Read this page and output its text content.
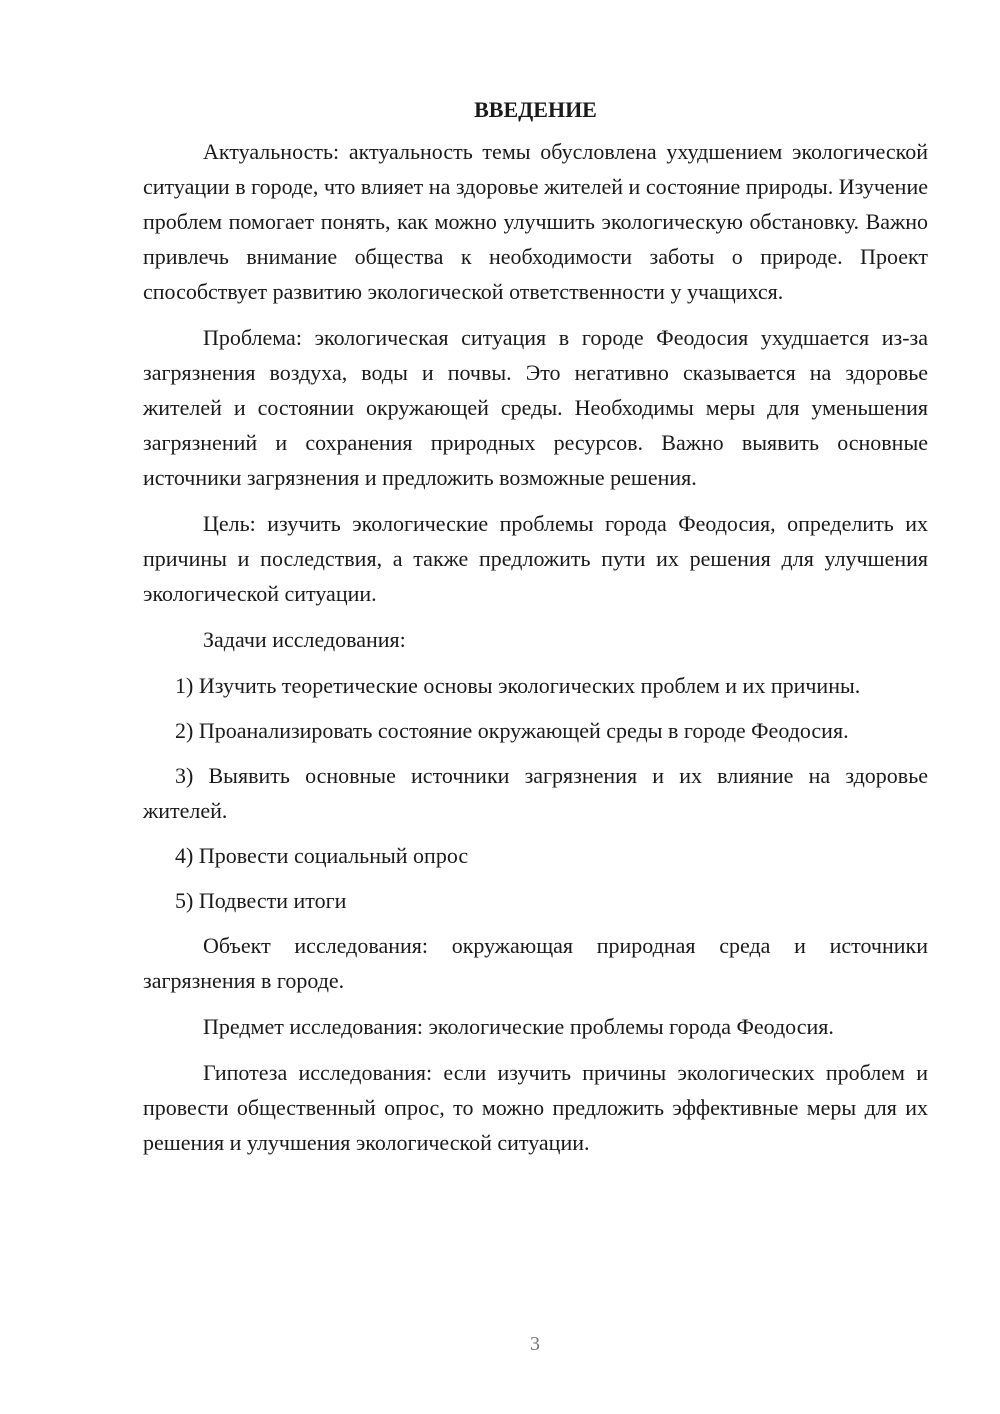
ВВЕДЕНИЕ

Актуальность: актуальность темы обусловлена ухудшением экологической ситуации в городе, что влияет на здоровье жителей и состояние природы. Изучение проблем помогает понять, как можно улучшить экологическую обстановку. Важно привлечь внимание общества к необходимости заботы о природе. Проект способствует развитию экологической ответственности у учащихся.

Проблема: экологическая ситуация в городе Феодосия ухудшается из-за загрязнения воздуха, воды и почвы. Это негативно сказывается на здоровье жителей и состоянии окружающей среды. Необходимы меры для уменьшения загрязнений и сохранения природных ресурсов. Важно выявить основные источники загрязнения и предложить возможные решения.

Цель: изучить экологические проблемы города Феодосия, определить их причины и последствия, а также предложить пути их решения для улучшения экологической ситуации.

Задачи исследования:

1) Изучить теоретические основы экологических проблем и их причины.

2) Проанализировать состояние окружающей среды в городе Феодосия.

3) Выявить основные источники загрязнения и их влияние на здоровье жителей.

4) Провести социальный опрос

5) Подвести итоги

Объект исследования: окружающая природная среда и источники загрязнения в городе.

Предмет исследования: экологические проблемы города Феодосия.

Гипотеза исследования: если изучить причины экологических проблем и провести общественный опрос, то можно предложить эффективные меры для их решения и улучшения экологической ситуации.

3
